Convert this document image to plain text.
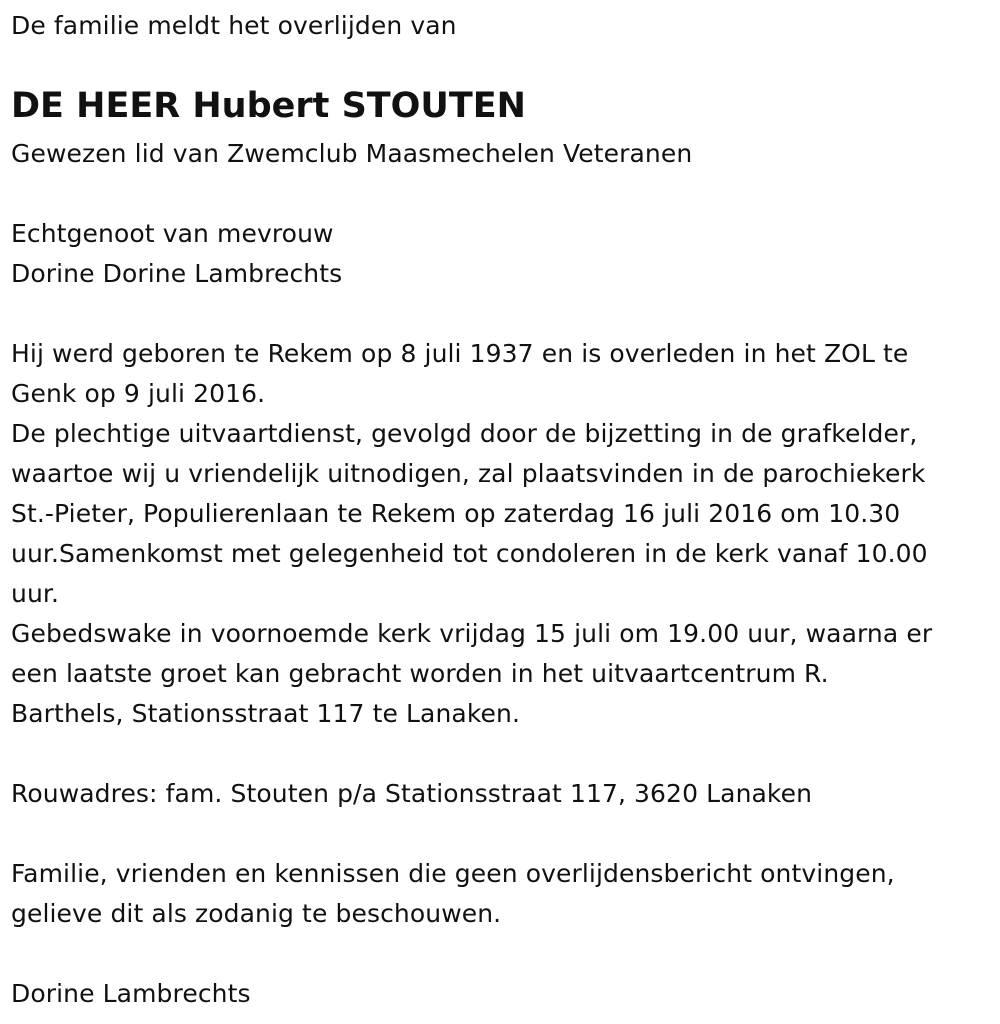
De familie meldt het overlijden van
DE HEER Hubert STOUTEN
Gewezen lid van Zwemclub Maasmechelen Veteranen
Echtgenoot van mevrouw
Dorine Dorine Lambrechts
Hij werd geboren te Rekem op 8 juli 1937 en is overleden in het ZOL te
Genk op 9 juli 2016.
De plechtige uitvaartdienst, gevolgd door de bijzetting in de grafkelder,
waartoe wij u vriendelijk uitnodigen, zal plaatsvinden in de parochiekerk
St.-Pieter, Populierenlaan te Rekem op zaterdag 16 juli 2016 om 10.30
uur.Samenkomst met gelegenheid tot condoleren in de kerk vanaf 10.00
uur.
Gebedswake in voornoemde kerk vrijdag 15 juli om 19.00 uur, waarna er
een laatste groet kan gebracht worden in het uitvaartcentrum R.
Barthels, Stationsstraat 117 te Lanaken.
Rouwadres: fam. Stouten p/a Stationsstraat 117, 3620 Lanaken
Familie, vrienden en kennissen die geen overlijdensbericht ontvingen,
gelieve dit als zodanig te beschouwen.
Dorine Lambrechts
